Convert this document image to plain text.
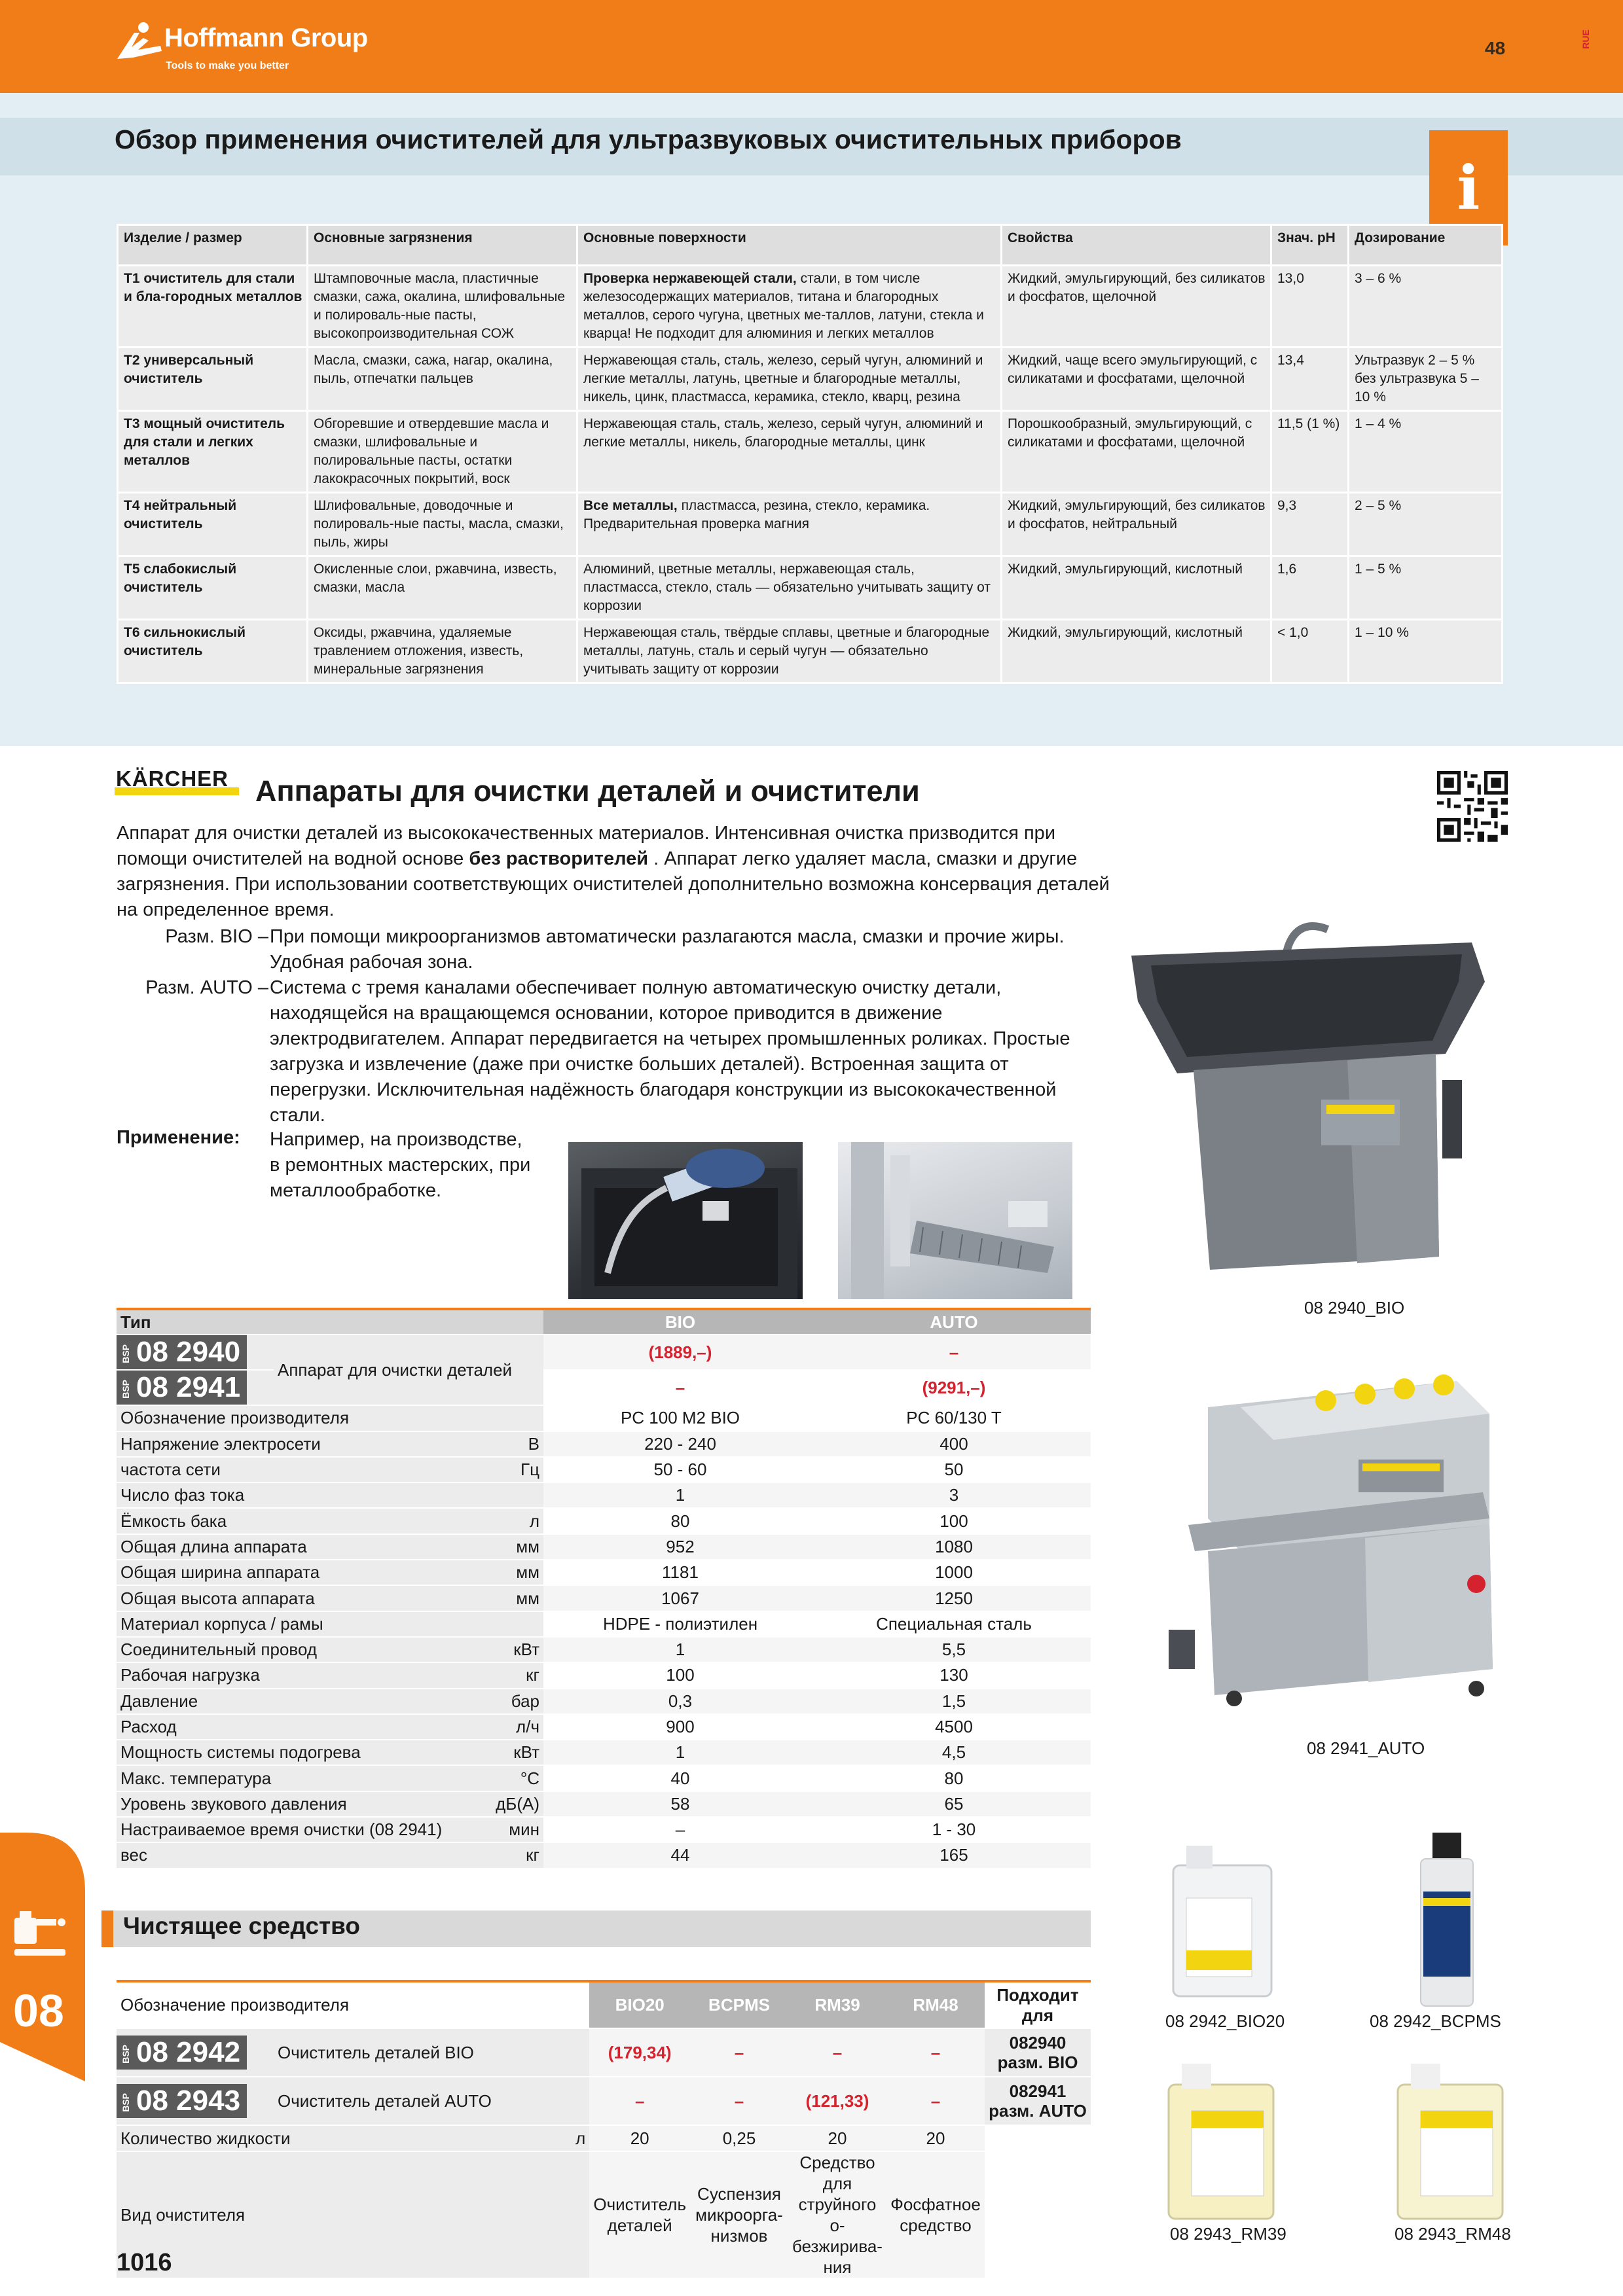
Hoffmann Group
Tools to make you better
48	RUE
Обзор применения очистителей для ультразвуковых очистительных приборов
i
Изделие / размер	Основные загрязнения	Основные поверхности	Свойства	Знач. pH	Дозирование
T1 очиститель для стали и бла-городных металлов	Штамповочные масла, пластичные смазки, сажа, окалина, шлифовальные и полироваль-ные пасты, высокопроизводительная СОЖ	Проверка нержавеющей стали, стали, в том числе железосодержащих материалов, титана и благородных металлов, серого чугуна, цветных ме-таллов, латуни, стекла и кварца! Не подходит для алюминия и легких металлов	Жидкий, эмульгирующий, без силикатов и фосфатов, щелочной	13,0	3 – 6 %
T2 универсальный очиститель	Масла, смазки, сажа, нагар, окалина, пыль, отпечатки пальцев	Нержавеющая сталь, сталь, железо, серый чугун, алюминий и легкие металлы, латунь, цветные и благородные металлы, никель, цинк, пластмасса, керамика, стекло, кварц, резина	Жидкий, чаще всего эмульгирующий, с силикатами и фосфатами, щелочной	13,4	Ультразвук 2 – 5 % без ультразвука 5 – 10 %
T3 мощный очиститель для стали и легких металлов	Обгоревшие и отвердевшие масла и смазки, шлифовальные и полировальные пасты, остатки лакокрасочных покрытий, воск	Нержавеющая сталь, сталь, железо, серый чугун, алюминий и легкие металлы, никель, благородные металлы, цинк	Порошкообразный, эмульгирующий, с силикатами и фосфатами, щелочной	11,5 (1 %)	1 – 4 %
T4 нейтральный очиститель	Шлифовальные, доводочные и полироваль-ные пасты, масла, смазки, пыль, жиры	Все металлы, пластмасса, резина, стекло, керамика. Предварительная проверка магния	Жидкий, эмульгирующий, без силикатов и фосфатов, нейтральный	9,3	2 – 5 %
T5 слабокислый очиститель	Окисленные слои, ржавчина, известь, смазки, масла	Алюминий, цветные металлы, нержавеющая сталь, пластмасса, стекло, сталь — обязательно учитывать защиту от коррозии	Жидкий, эмульгирующий, кислотный	1,6	1 – 5 %
T6 сильнокислый очиститель	Оксиды, ржавчина, удаляемые травлением отложения, известь, минеральные загрязнения	Нержавеющая сталь, твёрдые сплавы, цветные и благородные металлы, латунь, сталь и серый чугун — обязательно учитывать защиту от коррозии	Жидкий, эмульгирующий, кислотный	< 1,0	1 – 10 %
KÄRCHER Аппараты для очистки деталей и очистители
Аппарат для очистки деталей из высококачественных материалов. Интенсивная очистка призводится при помощи очистителей на водной основе без растворителей . Аппарат легко удаляет масла, смазки и другие загрязнения. При использовании соответствующих очистителей дополнительно возможна консервация деталей на определенное время.
Разм. BIO – При помощи микроорганизмов автоматически разлагаются масла, смазки и прочие жиры. Удобная рабочая зона.
Разм. AUTO – Система с тремя каналами обеспечивает полную автоматическую очистку детали, находящейся на вращающемся основании, которое приводится в движение электродвигателем. Аппарат передвигается на четырех промышленных роликах. Простые загрузка и извлечение (даже при очистке больших деталей). Встроенная защита от перегрузки. Исключительная надёжность благодаря конструкции из высококачественной стали.
Применение: Например, на производстве, в ремонтных мастерских, при металлообработке.
Тип			BIO	AUTO
BSP 08 2940	Аппарат для очистки деталей		(1889,–)	–
BSP 08 2941			–	(9291,–)
Обозначение производителя			PC 100 M2 BIO	PC 60/130 T
Напряжение электросети		В	220 - 240	400
частота сети		Гц	50 - 60	50
Число фаз тока			1	3
Ёмкость бака		л	80	100
Общая длина аппарата		мм	952	1080
Общая ширина аппарата		мм	1181	1000
Общая высота аппарата		мм	1067	1250
Материал корпуса / рамы			HDPE - полиэтилен	Специальная сталь
Соединительный провод		кВт	1	5,5
Рабочая нагрузка		кг	100	130
Давление		бар	0,3	1,5
Расход		л/ч	900	4500
Мощность системы подогрева		кВт	1	4,5
Макс. температура		°C	40	80
Уровень звукового давления		дБ(A)	58	65
Настраиваемое время очистки (08 2941)		мин	–	1 - 30
вес		кг	44	165
08 2940_BIO
08 2941_AUTO
08 2942_BIO20	08 2942_BCPMS
08 2943_RM39	08 2943_RM48
Чистящее средство
Обозначение производителя			BIO20	BCPMS	RM39	RM48	Подходит для
BSP 08 2942	Очиститель деталей BIO		(179,34)	–	–	–	082940 разм. BIO
BSP 08 2943	Очиститель деталей AUTO		–	–	(121,33)	–	082941 разм. AUTO
Количество жидкости		л	20	0,25	20	20	
Вид очистителя			Очиститель деталей	Суспензия микроорга-низмов	Средство для струйного о-безжирива-ния	Фосфатное средство	
08
1016
